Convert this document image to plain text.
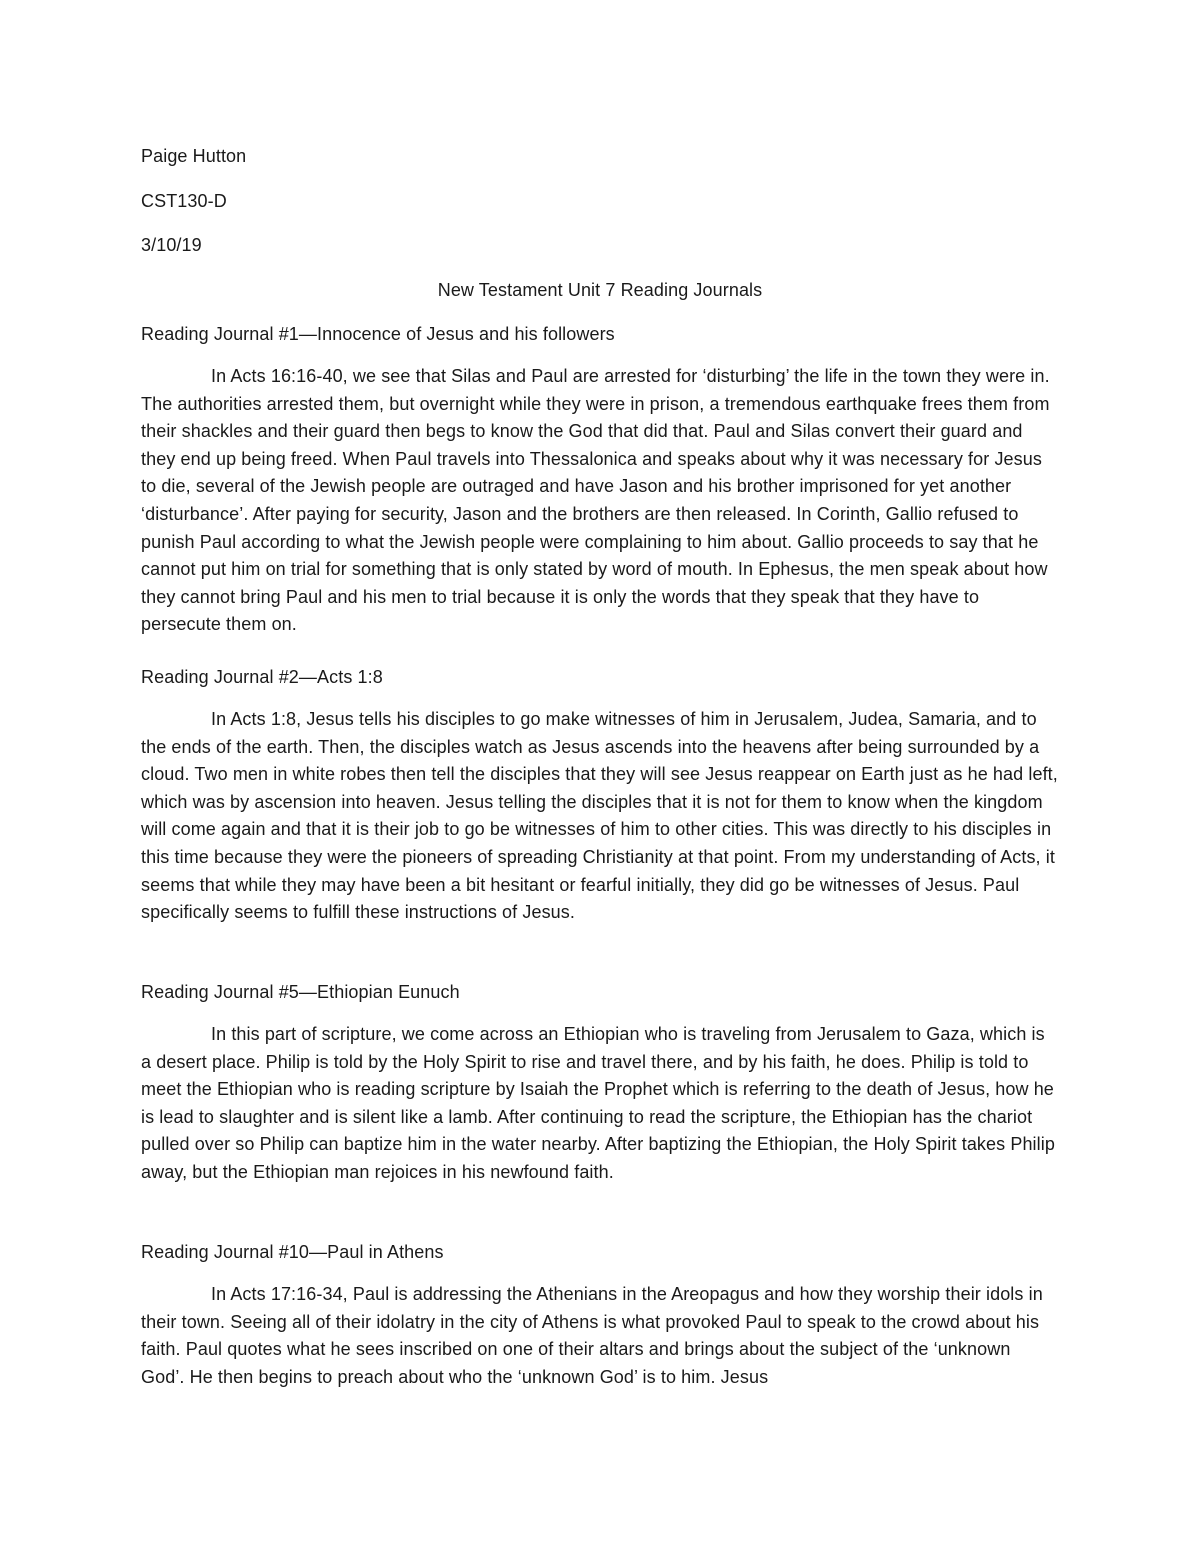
Paige Hutton
CST130-D
3/10/19
New Testament Unit 7 Reading Journals
Reading Journal #1—Innocence of Jesus and his followers
In Acts 16:16-40, we see that Silas and Paul are arrested for ‘disturbing’ the life in the town they were in. The authorities arrested them, but overnight while they were in prison, a tremendous earthquake frees them from their shackles and their guard then begs to know the God that did that. Paul and Silas convert their guard and they end up being freed. When Paul travels into Thessalonica and speaks about why it was necessary for Jesus to die, several of the Jewish people are outraged and have Jason and his brother imprisoned for yet another ‘disturbance’. After paying for security, Jason and the brothers are then released. In Corinth, Gallio refused to punish Paul according to what the Jewish people were complaining to him about. Gallio proceeds to say that he cannot put him on trial for something that is only stated by word of mouth. In Ephesus, the men speak about how they cannot bring Paul and his men to trial because it is only the words that they speak that they have to persecute them on.
Reading Journal #2—Acts 1:8
In Acts 1:8, Jesus tells his disciples to go make witnesses of him in Jerusalem, Judea, Samaria, and to the ends of the earth. Then, the disciples watch as Jesus ascends into the heavens after being surrounded by a cloud. Two men in white robes then tell the disciples that they will see Jesus reappear on Earth just as he had left, which was by ascension into heaven. Jesus telling the disciples that it is not for them to know when the kingdom will come again and that it is their job to go be witnesses of him to other cities. This was directly to his disciples in this time because they were the pioneers of spreading Christianity at that point. From my understanding of Acts, it seems that while they may have been a bit hesitant or fearful initially, they did go be witnesses of Jesus. Paul specifically seems to fulfill these instructions of Jesus.
Reading Journal #5—Ethiopian Eunuch
In this part of scripture, we come across an Ethiopian who is traveling from Jerusalem to Gaza, which is a desert place. Philip is told by the Holy Spirit to rise and travel there, and by his faith, he does. Philip is told to meet the Ethiopian who is reading scripture by Isaiah the Prophet which is referring to the death of Jesus, how he is lead to slaughter and is silent like a lamb. After continuing to read the scripture, the Ethiopian has the chariot pulled over so Philip can baptize him in the water nearby. After baptizing the Ethiopian, the Holy Spirit takes Philip away, but the Ethiopian man rejoices in his newfound faith.
Reading Journal #10—Paul in Athens
In Acts 17:16-34, Paul is addressing the Athenians in the Areopagus and how they worship their idols in their town. Seeing all of their idolatry in the city of Athens is what provoked Paul to speak to the crowd about his faith. Paul quotes what he sees inscribed on one of their altars and brings about the subject of the ‘unknown God’. He then begins to preach about who the ‘unknown God’ is to him. Jesus
